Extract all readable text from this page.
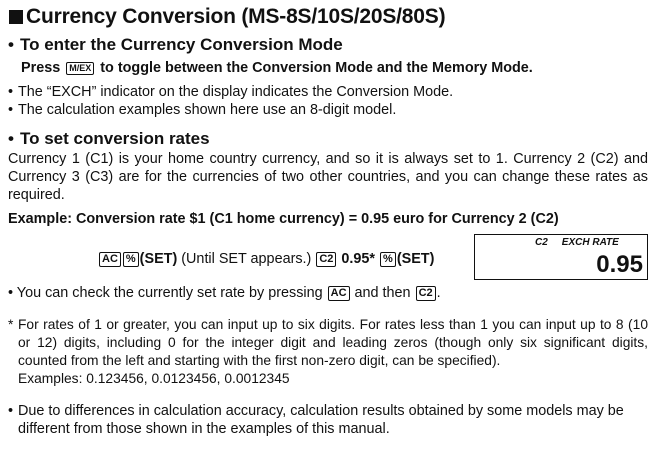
Currency Conversion (MS-8S/10S/20S/80S)
• To enter the Currency Conversion Mode
Press M/EX to toggle between the Conversion Mode and the Memory Mode.
• The “EXCH” indicator on the display indicates the Conversion Mode.
• The calculation examples shown here use an 8-digit model.
• To set conversion rates
Currency 1 (C1) is your home country currency, and so it is always set to 1. Currency 2 (C2) and Currency 3 (C3) are for the currencies of two other countries, and you can change these rates as required.
Example: Conversion rate $1 (C1 home currency) = 0.95 euro for Currency 2 (C2)
AC % (SET) (Until SET appears.) C2 0.95* % (SET)
C2 EXCH RATE
0.95
• You can check the currently set rate by pressing AC and then C2 .
* For rates of 1 or greater, you can input up to six digits. For rates less than 1 you can input up to 8 (10 or 12) digits, including 0 for the integer digit and leading zeros (though only six significant digits, counted from the left and starting with the first non-zero digit, can be specified).
Examples: 0.123456, 0.0123456, 0.0012345
• Due to differences in calculation accuracy, calculation results obtained by some models may be different from those shown in the examples of this manual.
